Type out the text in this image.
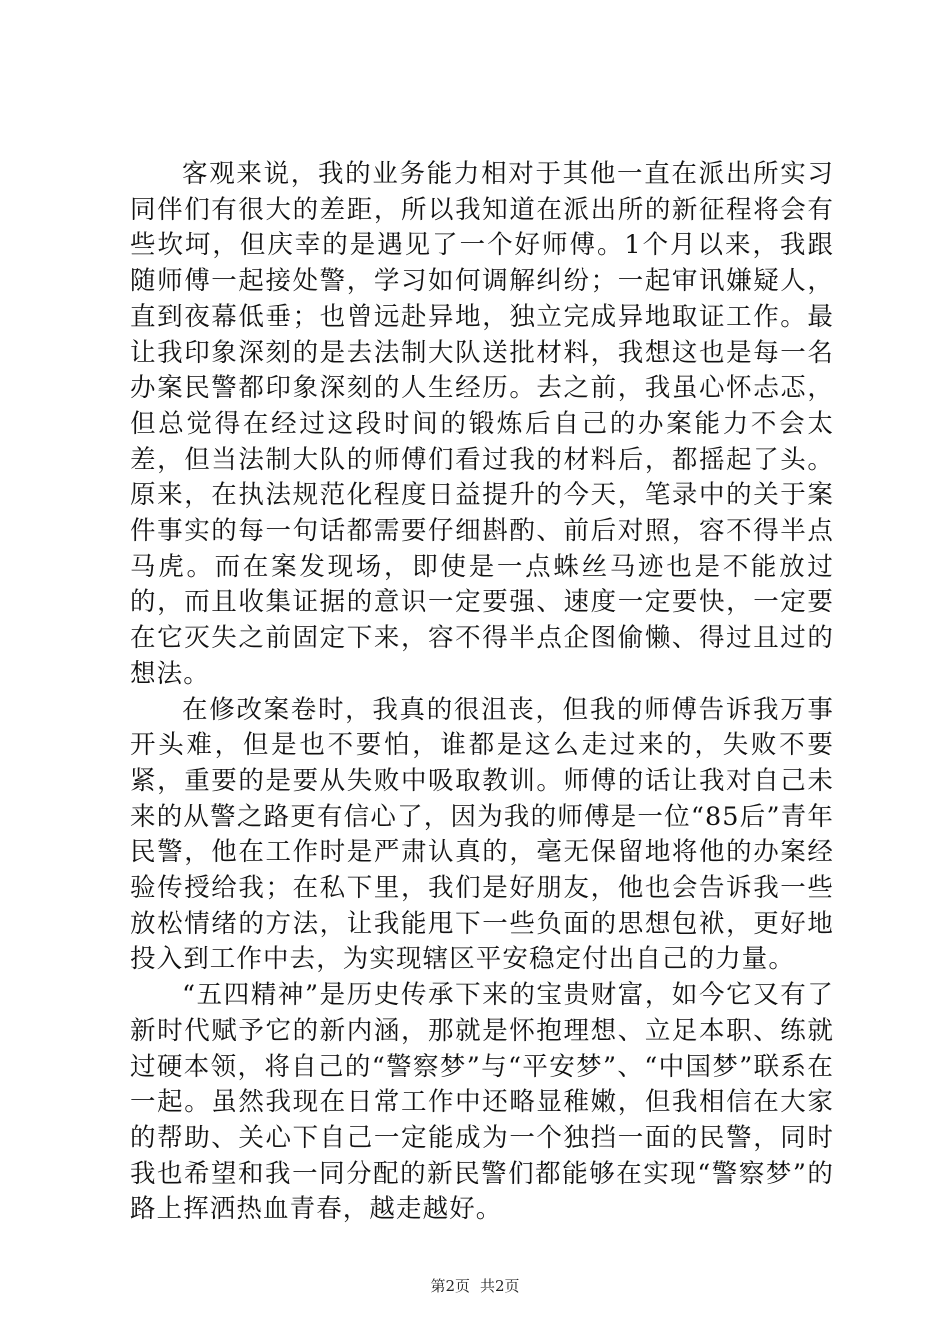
客观来说，我的业务能力相对于其他一直在派出所实习同伴们有很大的差距，所以我知道在派出所的新征程将会有些坎坷，但庆幸的是遇见了一个好师傅。1个月以来，我跟随师傅一起接处警，学习如何调解纠纷；一起审讯嫌疑人，直到夜幕低垂；也曾远赴异地，独立完成异地取证工作。最让我印象深刻的是去法制大队送批材料，我想这也是每一名办案民警都印象深刻的人生经历。去之前，我虽心怀忐忑，但总觉得在经过这段时间的锻炼后自己的办案能力不会太差，但当法制大队的师傅们看过我的材料后，都摇起了头。原来，在执法规范化程度日益提升的今天，笔录中的关于案件事实的每一句话都需要仔细斟酌、前后对照，容不得半点马虎。而在案发现场，即使是一点蛛丝马迹也是不能放过的，而且收集证据的意识一定要强、速度一定要快，一定要在它灭失之前固定下来，容不得半点企图偷懒、得过且过的想法。

在修改案卷时，我真的很沮丧，但我的师傅告诉我万事开头难，但是也不要怕，谁都是这么走过来的，失败不要紧，重要的是要从失败中吸取教训。师傅的话让我对自己未来的从警之路更有信心了，因为我的师傅是一位“85后”青年民警，他在工作时是严肃认真的，毫无保留地将他的办案经验传授给我；在私下里，我们是好朋友，他也会告诉我一些放松情绪的方法，让我能甩下一些负面的思想包袱，更好地投入到工作中去，为实现辖区平安稳定付出自己的力量。

“五四精神”是历史传承下来的宝贵财富，如今它又有了新时代赋予它的新内涵，那就是怀抱理想、立足本职、练就过硬本领，将自己的“警察梦”与“平安梦”、“中国梦”联系在一起。虽然我现在日常工作中还略显稚嫩，但我相信在大家的帮助、关心下自己一定能成为一个独挡一面的民警，同时我也希望和我一同分配的新民警们都能够在实现“警察梦”的路上挥洒热血青春，越走越好。

第2页 共2页
